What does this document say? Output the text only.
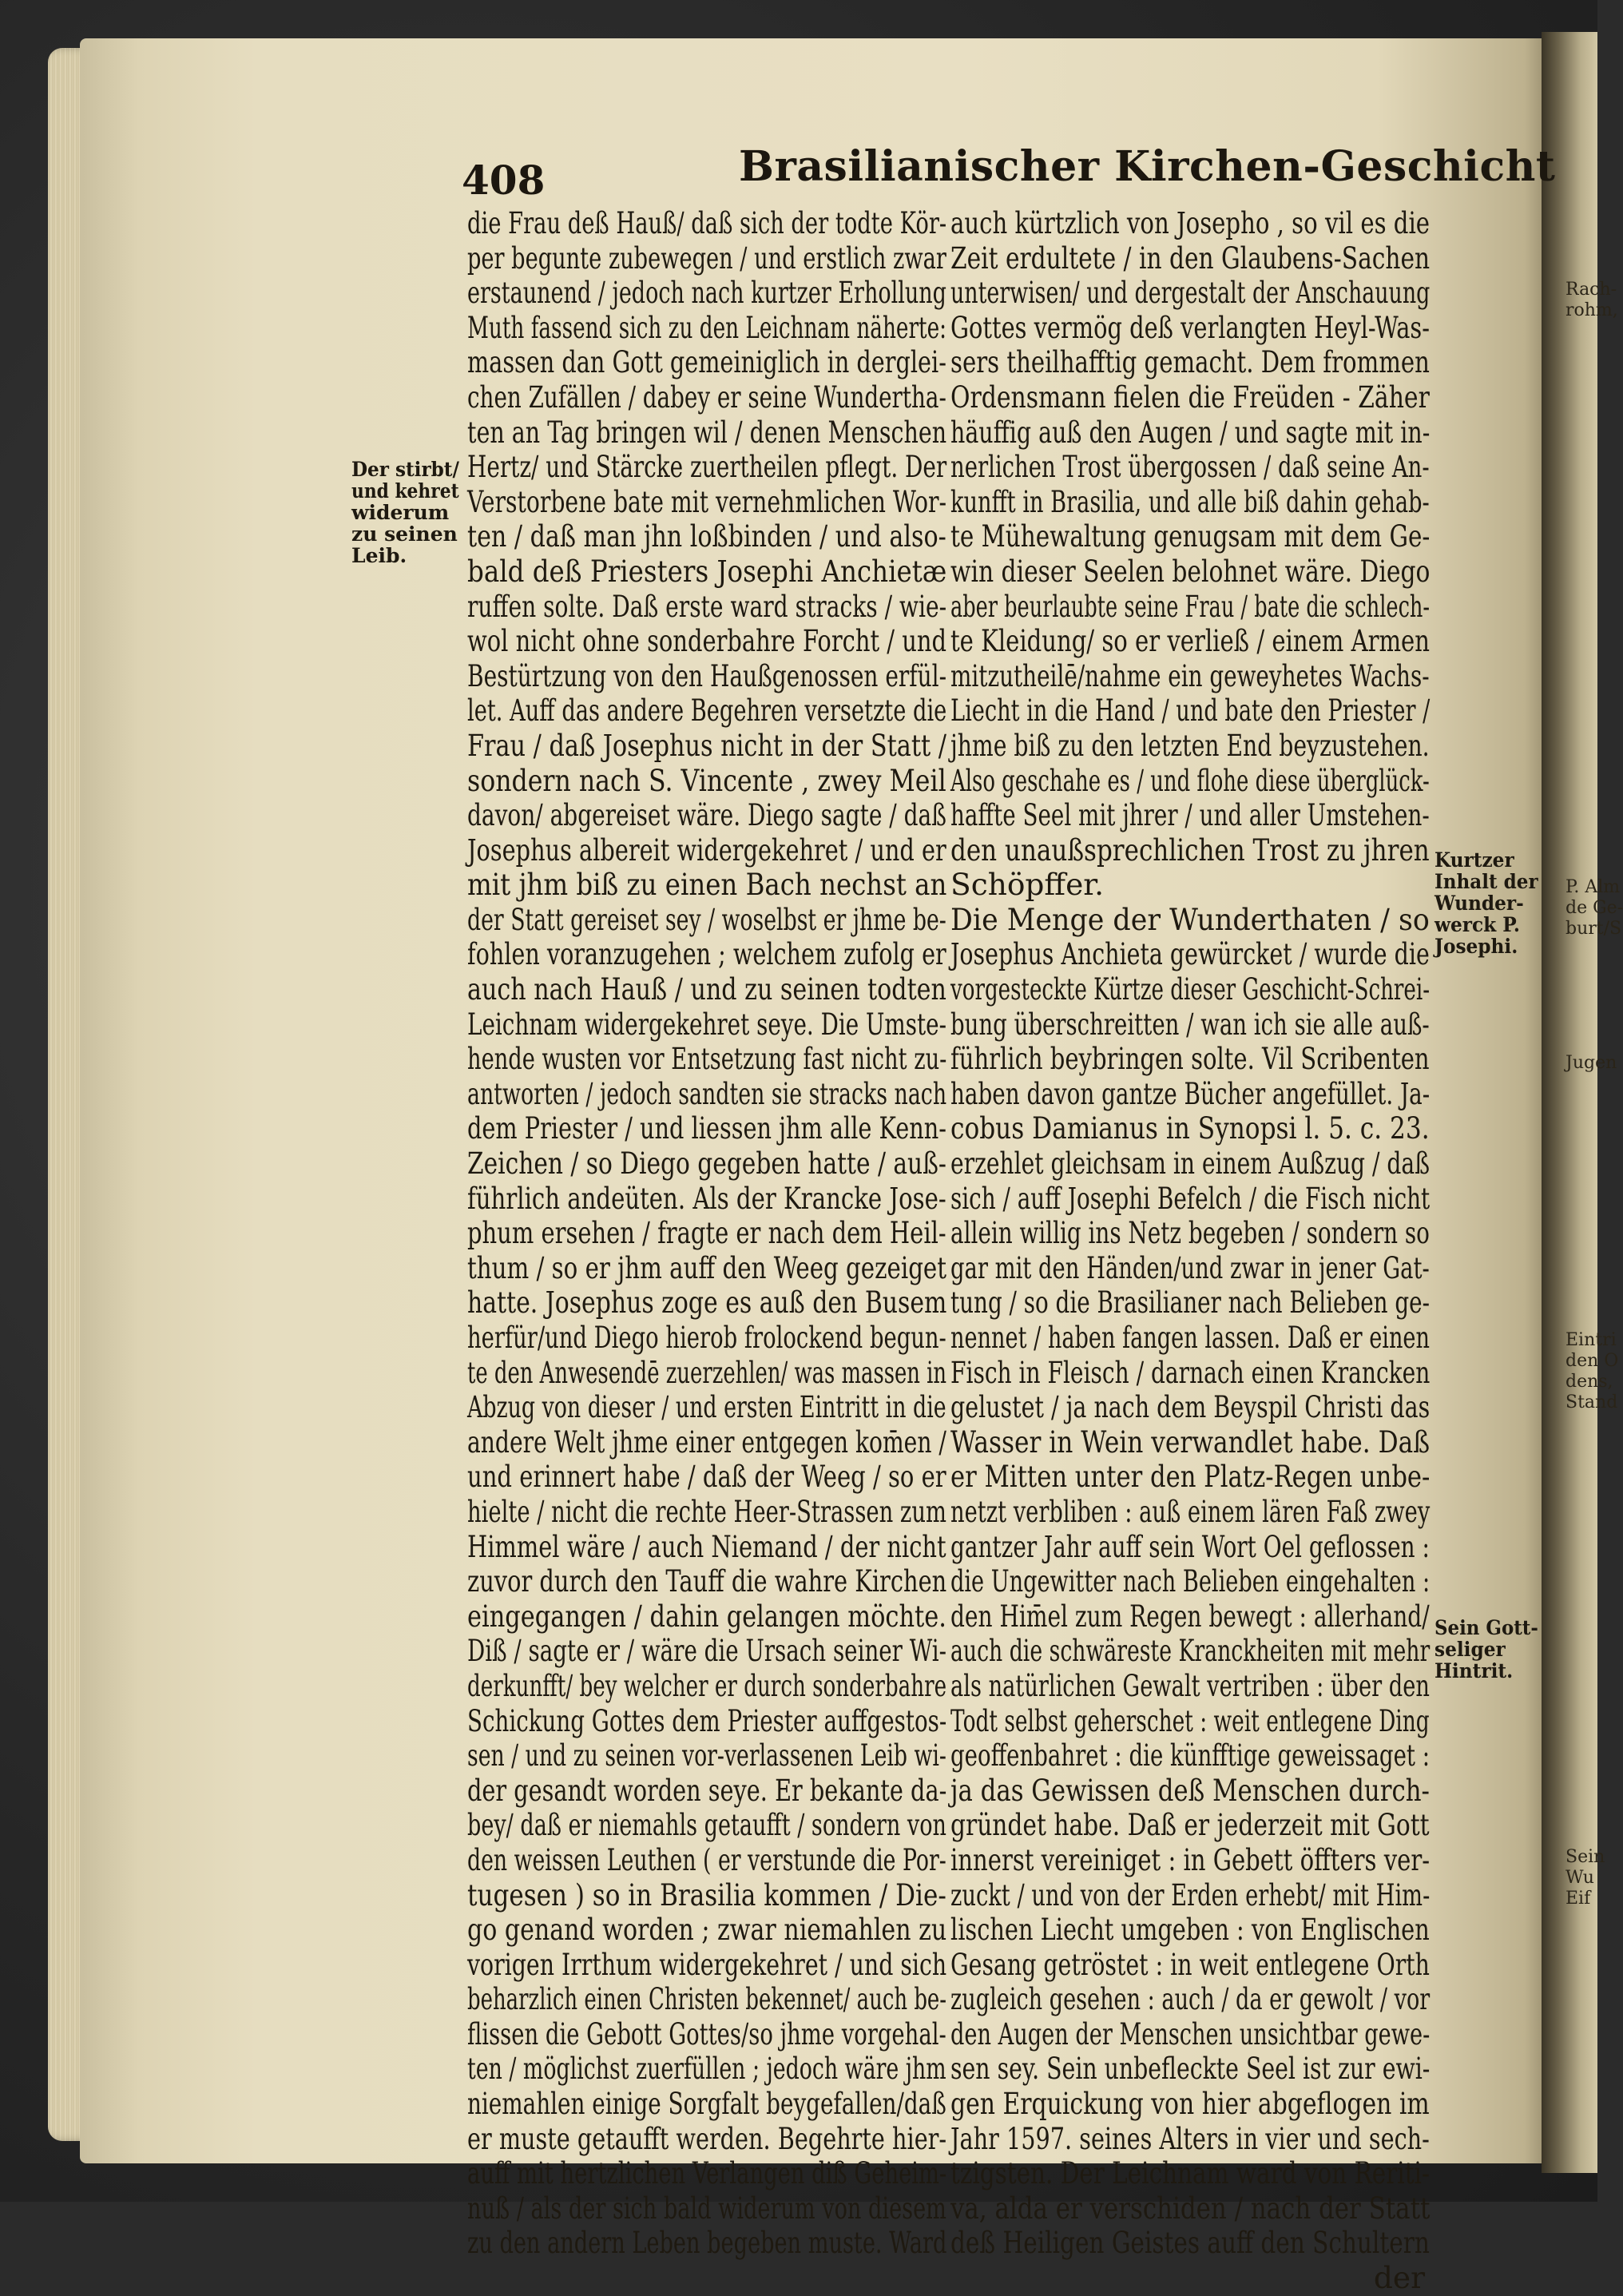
Rach-
rohm,
P. Alm
de Ge-
burt/S
Jugen
Eintri
den O
dens,
Stand
Sein
Wu
Eif
408	Brasilianischer Kirchen-Geschicht
die Frau deß Hauß/ daß sich der todte Kör-
per begunte zubewegen / und erstlich zwar
erstaunend / jedoch nach kurtzer Erhollung
Muth fassend sich zu den Leichnam näherte:
massen dan Gott gemeiniglich in derglei-
chen Zufällen / dabey er seine Wundertha-
ten an Tag bringen wil / denen Menschen
Hertz/ und Stärcke zuertheilen pflegt. Der
Verstorbene bate mit vernehmlichen Wor-
ten / daß man jhn loßbinden / und also-
bald deß Priesters Josephi Anchietæ
ruffen solte. Daß erste ward stracks / wie-
wol nicht ohne sonderbahre Forcht / und
Bestürtzung von den Haußgenossen erfül-
let. Auff das andere Begehren versetzte die
Frau / daß Josephus nicht in der Statt /
sondern nach S. Vincente , zwey Meil
davon/ abgereiset wäre. Diego sagte / daß
Josephus albereit widergekehret / und er
mit jhm biß zu einen Bach nechst an
der Statt gereiset sey / woselbst er jhme be-
fohlen voranzugehen ; welchem zufolg er
auch nach Hauß / und zu seinen todten
Leichnam widergekehret seye. Die Umste-
hende wusten vor Entsetzung fast nicht zu-
antworten / jedoch sandten sie stracks nach
dem Priester / und liessen jhm alle Kenn-
Zeichen / so Diego gegeben hatte / auß-
führlich andeüten. Als der Krancke Jose-
phum ersehen / fragte er nach dem Heil-
thum / so er jhm auff den Weeg gezeiget
hatte. Josephus zoge es auß den Busem
herfür/und Diego hierob frolockend begun-
te den Anwesendē zuerzehlen/ was massen in
Abzug von dieser / und ersten Eintritt in die
andere Welt jhme einer entgegen kom̄en /
und erinnert habe / daß der Weeg / so er
hielte / nicht die rechte Heer-Strassen zum
Himmel wäre / auch Niemand / der nicht
zuvor durch den Tauff die wahre Kirchen
eingegangen / dahin gelangen möchte.
Diß / sagte er / wäre die Ursach seiner Wi-
derkunfft/ bey welcher er durch sonderbahre
Schickung Gottes dem Priester auffgestos-
sen / und zu seinen vor-verlassenen Leib wi-
der gesandt worden seye. Er bekante da-
bey/ daß er niemahls getaufft / sondern von
den weissen Leuthen ( er verstunde die Por-
tugesen ) so in Brasilia kommen / Die-
go genand worden ; zwar niemahlen zu
vorigen Irrthum widergekehret / und sich
beharzlich einen Christen bekennet/ auch be-
flissen die Gebott Gottes/so jhme vorgehal-
ten / möglichst zuerfüllen ; jedoch wäre jhm
niemahlen einige Sorgfalt beygefallen/daß
er muste getaufft werden. Begehrte hier-
auff mit hertzlichen Verlangen diß Geheim-
nuß / als der sich bald widerum von diesem
zu den andern Leben begeben muste. Ward
auch kürtzlich von Josepho , so vil es die
Zeit erdultete / in den Glaubens-Sachen
unterwisen/ und dergestalt der Anschauung
Gottes vermög deß verlangten Heyl-Was-
sers theilhafftig gemacht. Dem frommen
Ordensmann fielen die Freüden - Zäher
häuffig auß den Augen / und sagte mit in-
nerlichen Trost übergossen / daß seine An-
kunfft in Brasilia, und alle biß dahin gehab-
te Mühewaltung genugsam mit dem Ge-
win dieser Seelen belohnet wäre. Diego
aber beurlaubte seine Frau / bate die schlech-
te Kleidung/ so er verließ / einem Armen
mitzutheilē/nahme ein geweyhetes Wachs-
Liecht in die Hand / und bate den Priester /
jhme biß zu den letzten End beyzustehen.
Also geschahe es / und flohe diese überglück-
haffte Seel mit jhrer / und aller Umstehen-
den unaußsprechlichen Trost zu jhren
Schöpffer.
Die Menge der Wunderthaten / so
Josephus Anchieta gewürcket / wurde die
vorgesteckte Kürtze dieser Geschicht-Schrei-
bung überschreitten / wan ich sie alle auß-
führlich beybringen solte. Vil Scribenten
haben davon gantze Bücher angefüllet. Ja-
cobus Damianus in Synopsi l. 5. c. 23.
erzehlet gleichsam in einem Außzug / daß
sich / auff Josephi Befelch / die Fisch nicht
allein willig ins Netz begeben / sondern so
gar mit den Händen/und zwar in jener Gat-
tung / so die Brasilianer nach Belieben ge-
nennet / haben fangen lassen. Daß er einen
Fisch in Fleisch / darnach einen Krancken
gelustet / ja nach dem Beyspil Christi das
Wasser in Wein verwandlet habe. Daß
er Mitten unter den Platz-Regen unbe-
netzt verbliben : auß einem lären Faß zwey
gantzer Jahr auff sein Wort Oel geflossen :
die Ungewitter nach Belieben eingehalten :
den Him̄el zum Regen bewegt : allerhand/
auch die schwäreste Kranckheiten mit mehr
als natürlichen Gewalt vertriben : über den
Todt selbst geherschet : weit entlegene Ding
geoffenbahret : die künfftige geweissaget :
ja das Gewissen deß Menschen durch-
gründet habe. Daß er jederzeit mit Gott
innerst vereiniget : in Gebett öffters ver-
zuckt / und von der Erden erhebt/ mit Him-
lischen Liecht umgeben : von Englischen
Gesang getröstet : in weit entlegene Orth
zugleich gesehen : auch / da er gewolt / vor
den Augen der Menschen unsichtbar gewe-
sen sey. Sein unbefleckte Seel ist zur ewi-
gen Erquickung von hier abgeflogen im
Jahr 1597. seines Alters in vier und sech-
tzigsten. Der Leichnam ward von Reriti-
va, alda er verschiden / nach der Statt
deß Heiligen Geistes auff den Schultern
der
Der stirbt/
und kehret
widerum
zu seinen
Leib.
Kurtzer
Inhalt der
Wunder-
werck P.
Josephi.
Sein Gott-
seliger
Hintrit.
